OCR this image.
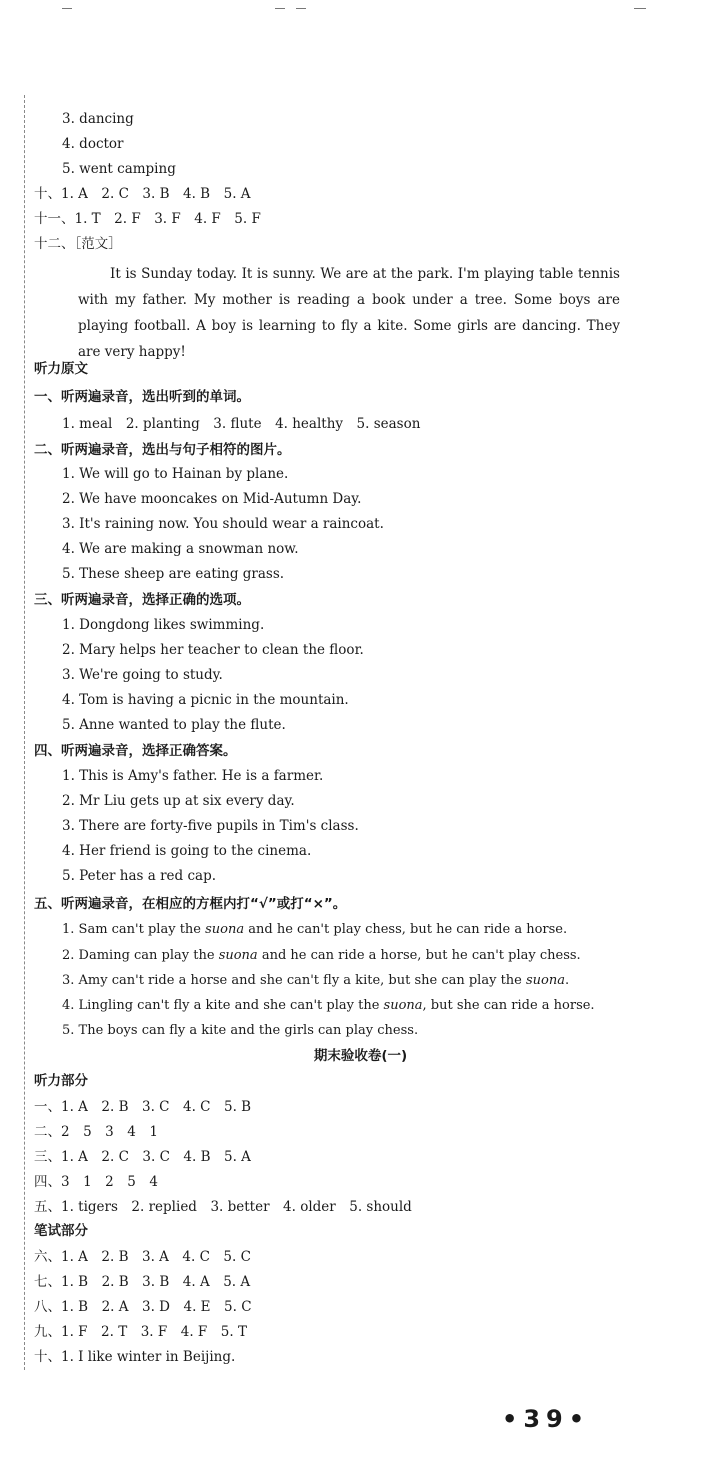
3. dancing
4. doctor
5. went camping
十、1. A　2. C　3. B　4. B　5. A
十一、1. T　2. F　3. F　4. F　5. F
十二、［范文］
It is Sunday today. It is sunny. We are at the park. I'm playing table tennis with my father. My mother is reading a book under a tree. Some boys are playing football. A boy is learning to fly a kite. Some girls are dancing. They are very happy!
听力原文
一、听两遍录音，选出听到的单词。
1. meal　2. planting　3. flute　4. healthy　5. season
二、听两遍录音，选出与句子相符的图片。
1. We will go to Hainan by plane.
2. We have mooncakes on Mid-Autumn Day.
3. It's raining now. You should wear a raincoat.
4. We are making a snowman now.
5. These sheep are eating grass.
三、听两遍录音，选择正确的选项。
1. Dongdong likes swimming.
2. Mary helps her teacher to clean the floor.
3. We're going to study.
4. Tom is having a picnic in the mountain.
5. Anne wanted to play the flute.
四、听两遍录音，选择正确答案。
1. This is Amy's father. He is a farmer.
2. Mr Liu gets up at six every day.
3. There are forty-five pupils in Tim's class.
4. Her friend is going to the cinema.
5. Peter has a red cap.
五、听两遍录音，在相应的方框内打“√”或打“×”。
1. Sam can't play the suona and he can't play chess, but he can ride a horse.
2. Daming can play the suona and he can ride a horse, but he can't play chess.
3. Amy can't ride a horse and she can't fly a kite, but she can play the suona.
4. Lingling can't fly a kite and she can't play the suona, but she can ride a horse.
5. The boys can fly a kite and the girls can play chess.
期末验收卷(一)
听力部分
一、1. A　2. B　3. C　4. C　5. B
二、2　5　3　4　1
三、1. A　2. C　3. C　4. B　5. A
四、3　1　2　5　4
五、1. tigers　2. replied　3. better　4. older　5. should
笔试部分
六、1. A　2. B　3. A　4. C　5. C
七、1. B　2. B　3. B　4. A　5. A
八、1. B　2. A　3. D　4. E　5. C
九、1. F　2. T　3. F　4. F　5. T
十、1. I like winter in Beijing.
•39•
